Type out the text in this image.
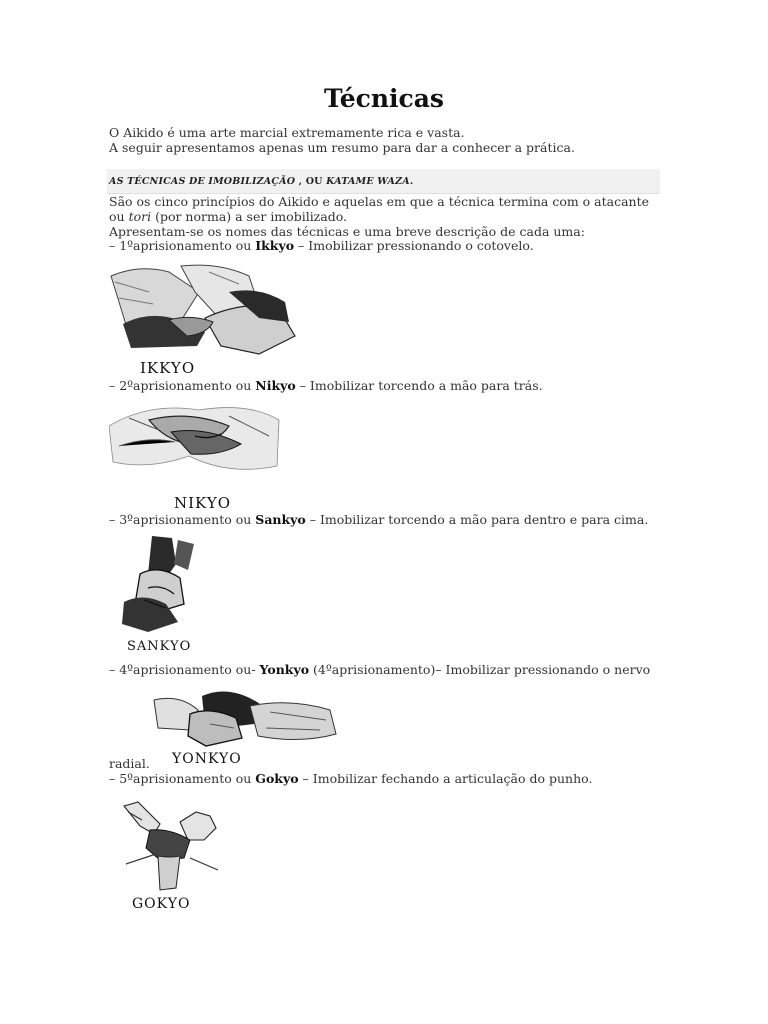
Técnicas
O Aikido é uma arte marcial extremamente rica e vasta.
A seguir apresentamos apenas um resumo para dar a conhecer a prática.
AS TÉCNICAS DE IMOBILIZAÇÃO , OU KATAME WAZA.
São os cinco princípios do Aikido e aquelas em que a técnica termina com o atacante
ou tori (por norma) a ser imobilizado.
Apresentam-se os nomes das técnicas e uma breve descrição de cada uma:
– 1ºaprisionamento ou Ikkyo – Imobilizar pressionando o cotovelo.
IKKYO
– 2ºaprisionamento ou Nikyo – Imobilizar torcendo a mão para trás.
NIKYO
– 3ºaprisionamento ou Sankyo – Imobilizar torcendo a mão para dentro e para cima.
SANKYO
– 4ºaprisionamento ou- Yonkyo (4ºaprisionamento)– Imobilizar pressionando o nervo
YONKYO
radial.
– 5ºaprisionamento ou Gokyo – Imobilizar fechando a articulação do punho.
GOKYO
